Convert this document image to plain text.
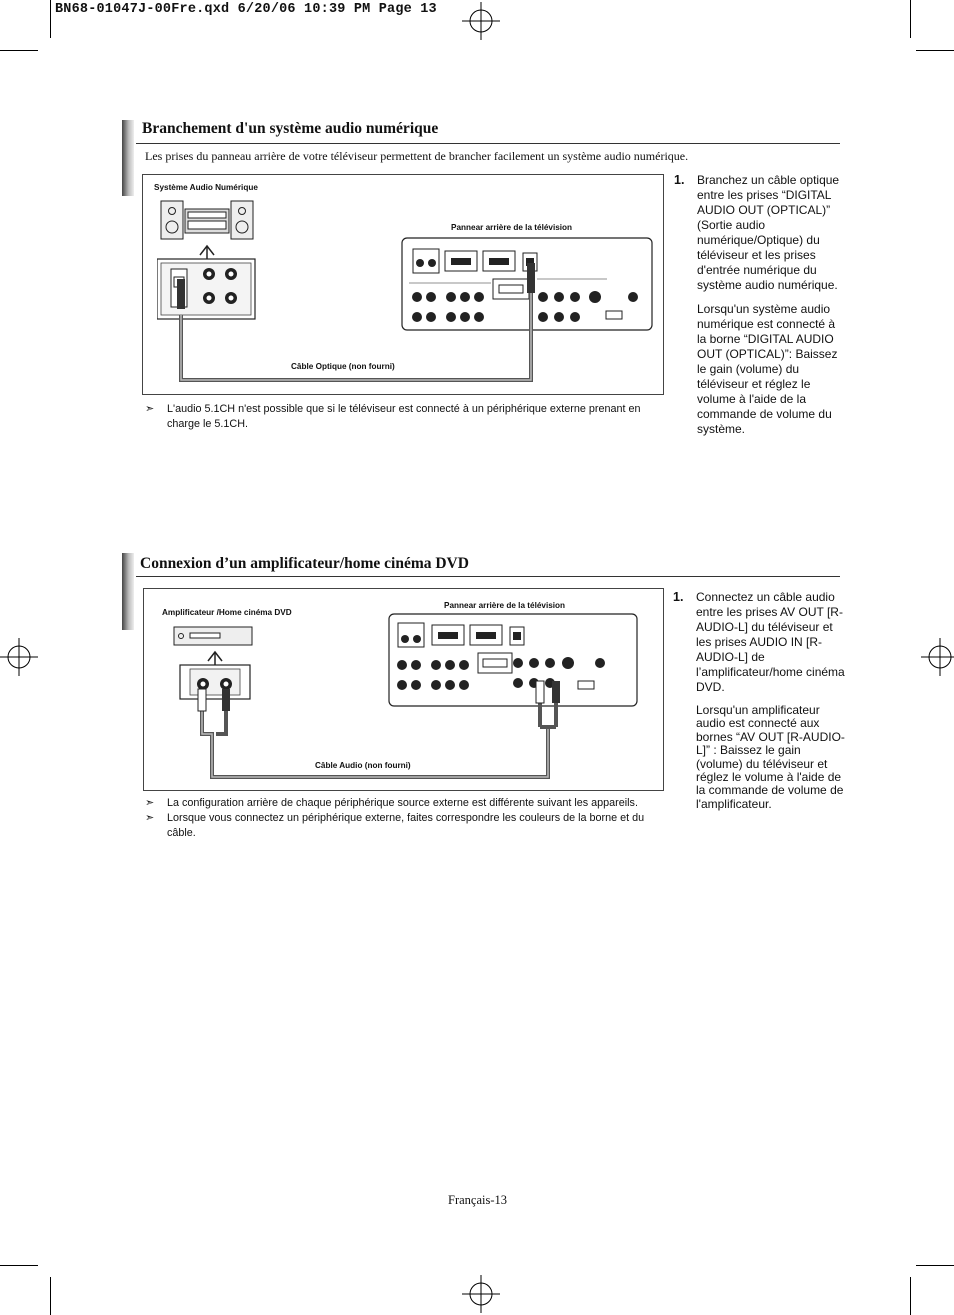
BN68-01047J-00Fre.qxd 6/20/06 10:39 PM Page 13
Branchement d'un système audio numérique
Les prises du panneau arrière de votre téléviseur permettent de brancher facilement un système audio numérique.
Système Audio Numérique
Pannear arrière de la télévision
Câble Optique (non fourni)
1. Branchez un câble optique entre les prises “DIGITAL AUDIO OUT (OPTICAL)” (Sortie audio numérique/Optique) du téléviseur et les prises d'entrée numérique du système audio numérique.

Lorsqu'un système audio numérique est connecté à la borne “DIGITAL AUDIO OUT (OPTICAL)”: Baissez le gain (volume) du téléviseur et réglez le volume à l'aide de la commande de volume du système.

➣ L'audio 5.1CH n'est possible que si le téléviseur est connecté à un périphérique externe prenant en charge le 5.1CH.
Connexion d’un amplificateur/home cinéma DVD
Amplificateur /Home cinéma DVD
Pannear arrière de la télévision
Câble Audio (non fourni)
1. Connectez un câble audio entre les prises AV OUT [R-AUDIO-L] du téléviseur et les prises AUDIO IN [R-AUDIO-L] de l’amplificateur/home cinéma DVD.

Lorsqu'un amplificateur audio est connecté aux bornes “AV OUT [R-AUDIO-L]” : Baissez le gain (volume) du téléviseur et réglez le volume à l'aide de la commande de volume de l'amplificateur.

➣ La configuration arrière de chaque périphérique source externe est différente suivant les appareils.
➣ Lorsque vous connectez un périphérique externe, faites correspondre les couleurs de la borne et du câble.
Français-13
